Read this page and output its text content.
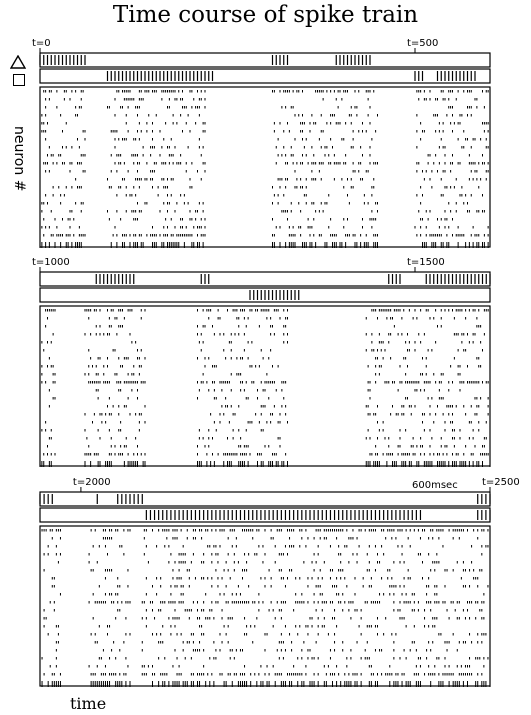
Time course of spike train
neuron #
t=0	t=500
t=1000	t=1500
t=2000	t=2500
600msec
time
